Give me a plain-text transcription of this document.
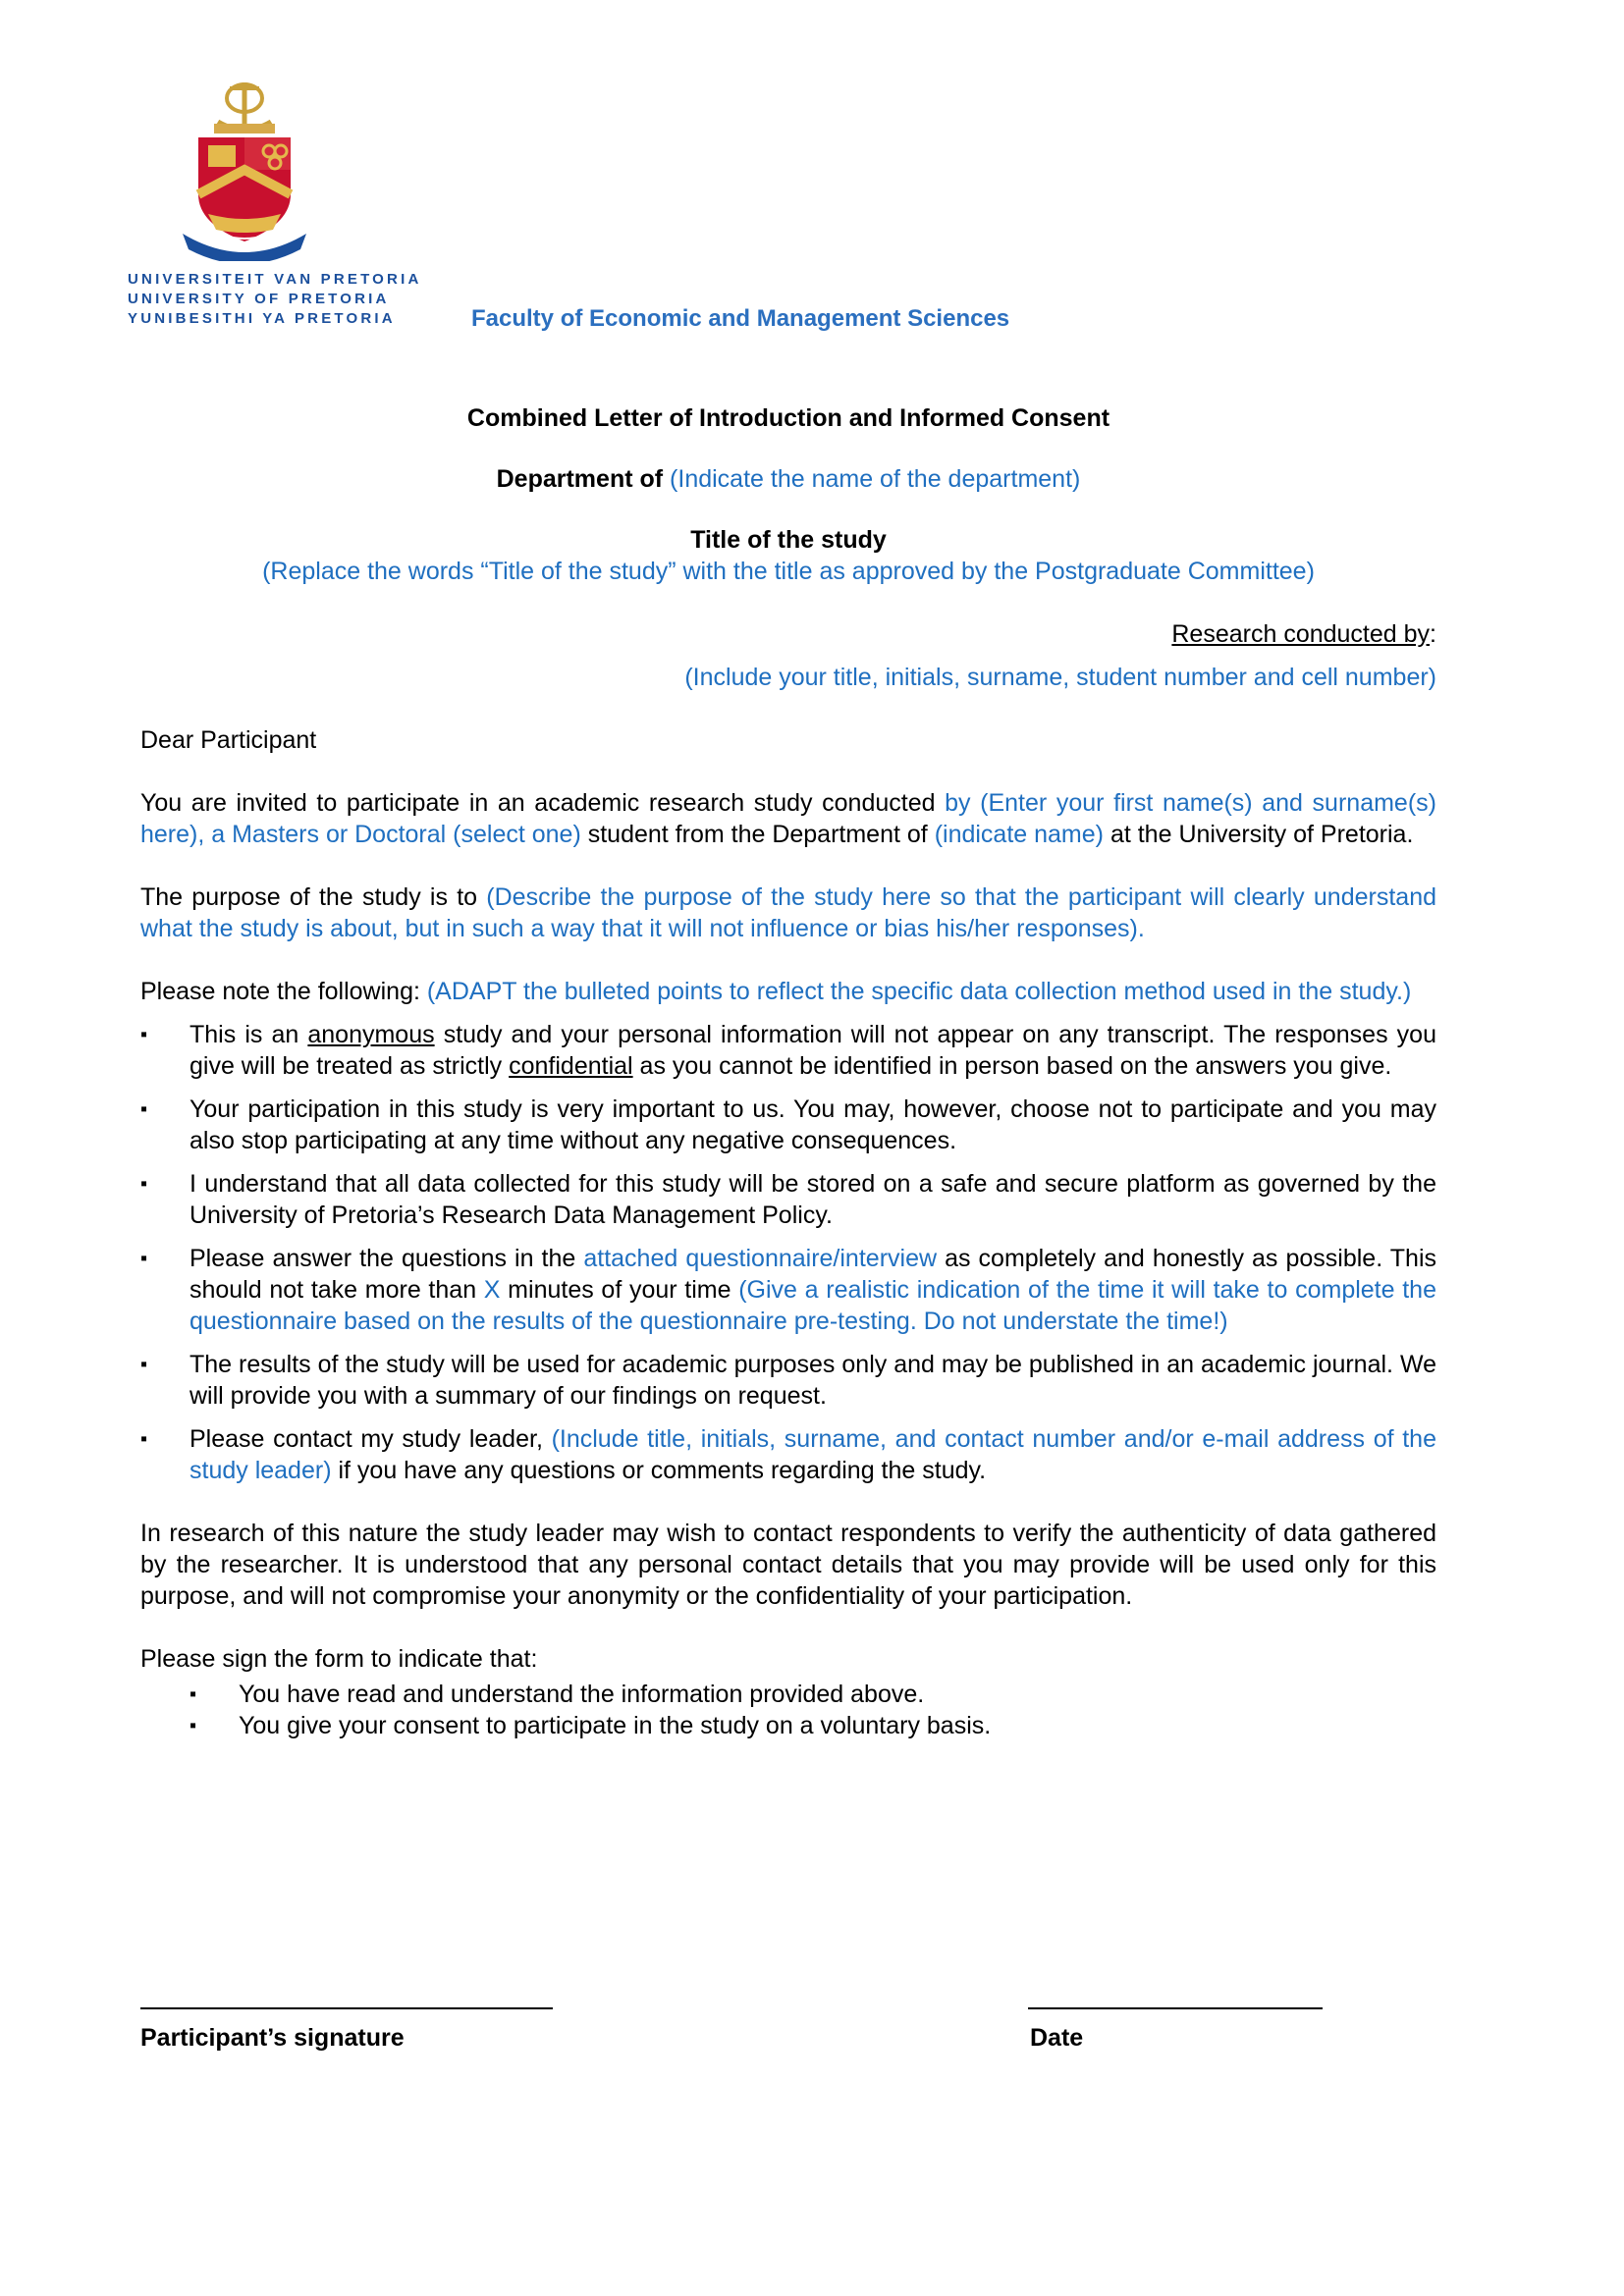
UNIVERSITEIT VAN PRETORIA
UNIVERSITY OF PRETORIA
YUNIBESITHI YA PRETORIA	Faculty of Economic and Management Sciences

Combined Letter of Introduction and Informed Consent

Department of (Indicate the name of the department)

Title of the study

(Replace the words “Title of the study” with the title as approved by the Postgraduate Committee)

Research conducted by:

(Include your title, initials, surname, student number and cell number)

Dear Participant

You are invited to participate in an academic research study conducted by (Enter your first name(s) and surname(s) here), a Masters or Doctoral (select one) student from the Department of (indicate name) at the University of Pretoria.

The purpose of the study is to (Describe the purpose of the study here so that the participant will clearly understand what the study is about, but in such a way that it will not influence or bias his/her responses).

Please note the following: (ADAPT the bulleted points to reflect the specific data collection method used in the study.)

▪ This is an anonymous study and your personal information will not appear on any transcript. The responses you give will be treated as strictly confidential as you cannot be identified in person based on the answers you give.
▪ Your participation in this study is very important to us. You may, however, choose not to participate and you may also stop participating at any time without any negative consequences.
▪ I understand that all data collected for this study will be stored on a safe and secure platform as governed by the University of Pretoria’s Research Data Management Policy.
▪ Please answer the questions in the attached questionnaire/interview as completely and honestly as possible. This should not take more than X minutes of your time (Give a realistic indication of the time it will take to complete the questionnaire based on the results of the questionnaire pre-testing. Do not understate the time!)
▪ The results of the study will be used for academic purposes only and may be published in an academic journal. We will provide you with a summary of our findings on request.
▪ Please contact my study leader, (Include title, initials, surname, and contact number and/or e-mail address of the study leader) if you have any questions or comments regarding the study.

In research of this nature the study leader may wish to contact respondents to verify the authenticity of data gathered by the researcher. It is understood that any personal contact details that you may provide will be used only for this purpose, and will not compromise your anonymity or the confidentiality of your participation.

Please sign the form to indicate that:

▪ You have read and understand the information provided above.
▪ You give your consent to participate in the study on a voluntary basis.
Participant’s signature	Date
